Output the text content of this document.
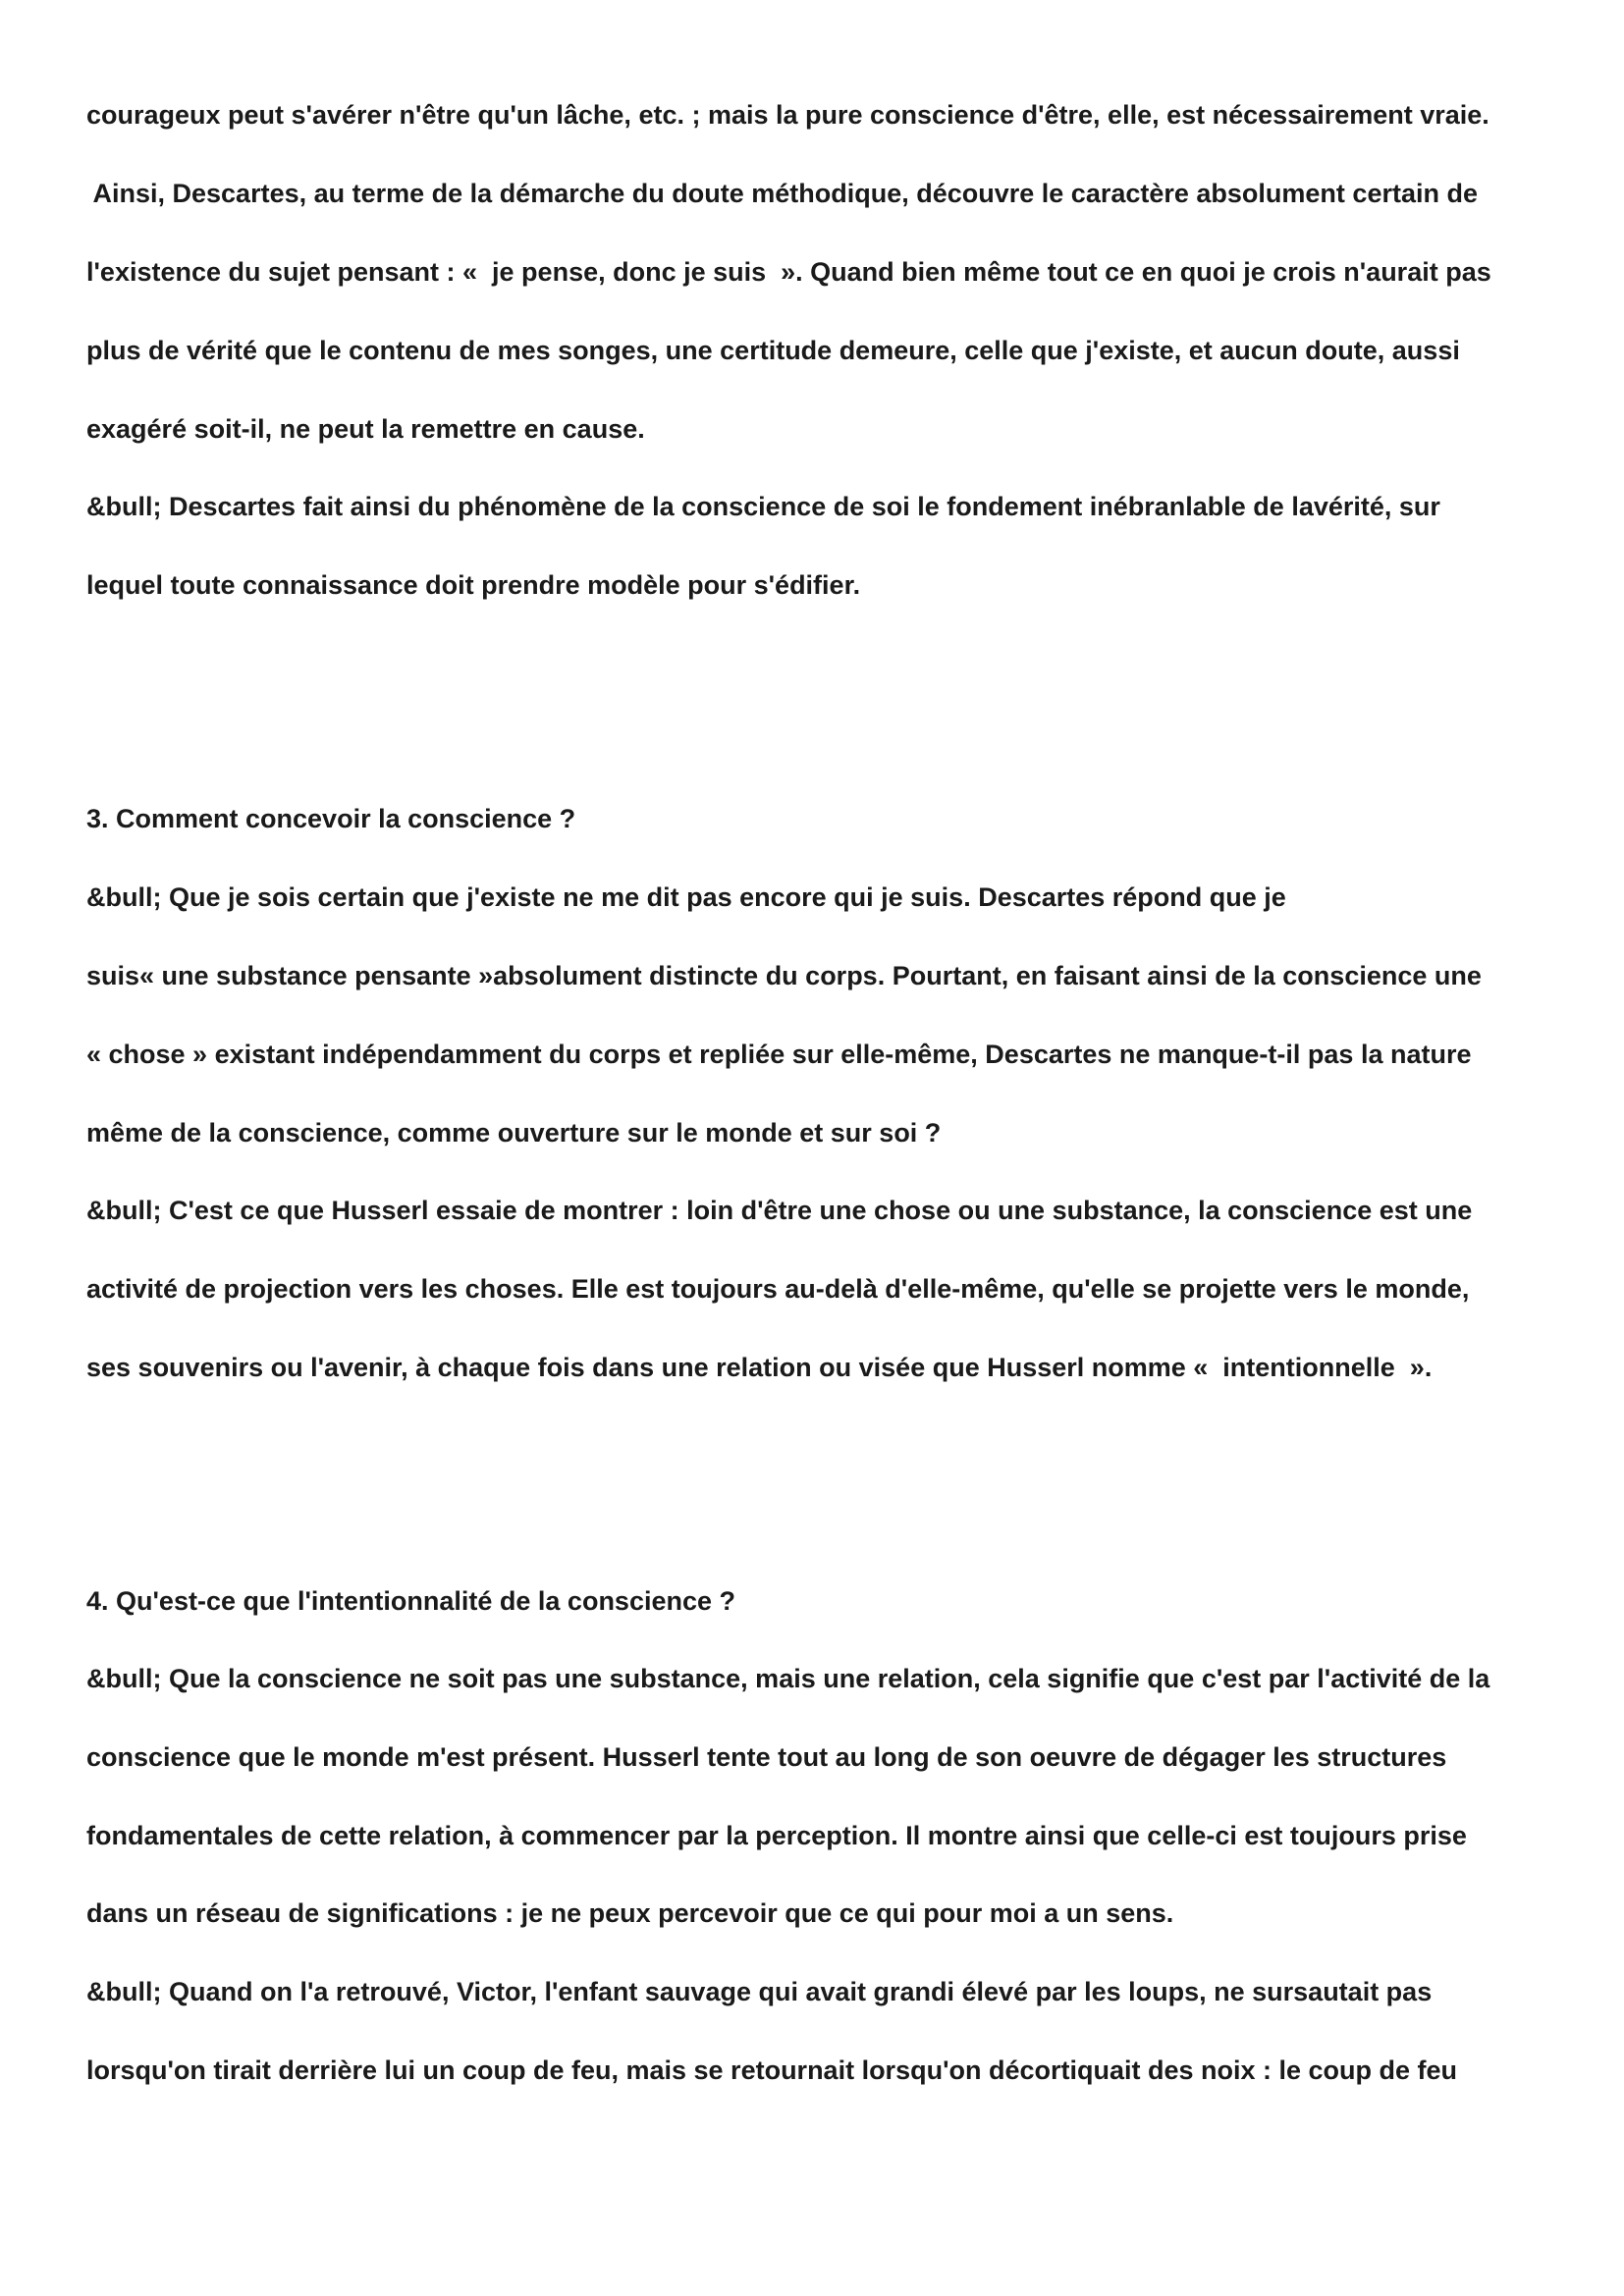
courageux peut s'avérer n'être qu'un lâche, etc. ; mais la pure conscience d'être, elle, est nécessairement vraie.
Ainsi, Descartes, au terme de la démarche du doute méthodique, découvre le caractère absolument certain de
l'existence du sujet pensant : «  je pense, donc je suis  ». Quand bien même tout ce en quoi je crois n'aurait pas
plus de vérité que le contenu de mes songes, une certitude demeure, celle que j'existe, et aucun doute, aussi
exagéré soit-il, ne peut la remettre en cause.
&bull; Descartes fait ainsi du phénomène de la conscience de soi le fondement inébranlable de lavérité, sur
lequel toute connaissance doit prendre modèle pour s'édifier.
3. Comment concevoir la conscience ?
&bull; Que je sois certain que j'existe ne me dit pas encore qui je suis. Descartes répond que je
suis« une substance pensante »absolument distincte du corps. Pourtant, en faisant ainsi de la conscience une
« chose » existant indépendamment du corps et repliée sur elle-même, Descartes ne manque-t-il pas la nature
même de la conscience, comme ouverture sur le monde et sur soi ?
&bull; C'est ce que Husserl essaie de montrer : loin d'être une chose ou une substance, la conscience est une
activité de projection vers les choses. Elle est toujours au-delà d'elle-même, qu'elle se projette vers le monde,
ses souvenirs ou l'avenir, à chaque fois dans une relation ou visée que Husserl nomme «  intentionnelle  ».
4. Qu'est-ce que l'intentionnalité de la conscience ?
&bull; Que la conscience ne soit pas une substance, mais une relation, cela signifie que c'est par l'activité de la
conscience que le monde m'est présent. Husserl tente tout au long de son oeuvre de dégager les structures
fondamentales de cette relation, à commencer par la perception. Il montre ainsi que celle-ci est toujours prise
dans un réseau de significations : je ne peux percevoir que ce qui pour moi a un sens.
&bull; Quand on l'a retrouvé, Victor, l'enfant sauvage qui avait grandi élevé par les loups, ne sursautait pas
lorsqu'on tirait derrière lui un coup de feu, mais se retournait lorsqu'on décortiquait des noix : le coup de feu
